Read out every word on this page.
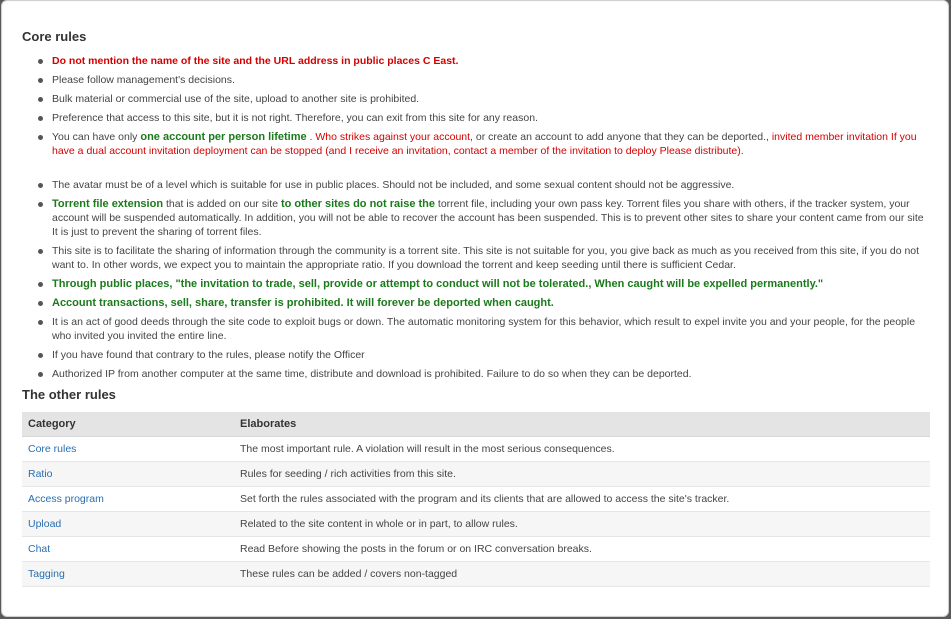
Core rules
Do not mention the name of the site and the URL address in public places C East.
Please follow management's decisions.
Bulk material or commercial use of the site, upload to another site is prohibited.
Preference that access to this site, but it is not right. Therefore, you can exit from this site for any reason.
You can have only one account per person lifetime . Who strikes against your account, or create an account to add anyone that they can be deported., invited member invitation If you have a dual account invitation deployment can be stopped (and I receive an invitation, contact a member of the invitation to deploy Please distribute).
The avatar must be of a level which is suitable for use in public places. Should not be included, and some sexual content should not be aggressive.
Torrent file extension that is added on our site to other sites do not raise the torrent file, including your own pass key. Torrent files you share with others, if the tracker system, your account will be suspended automatically. In addition, you will not be able to recover the account has been suspended. This is to prevent other sites to share your content came from our site It is just to prevent the sharing of torrent files.
This site is to facilitate the sharing of information through the community is a torrent site. This site is not suitable for you, you give back as much as you received from this site, if you do not want to. In other words, we expect you to maintain the appropriate ratio. If you download the torrent and keep seeding until there is sufficient Cedar.
Through public places, "the invitation to trade, sell, provide or attempt to conduct will not be tolerated., When caught will be expelled permanently."
Account transactions, sell, share, transfer is prohibited. It will forever be deported when caught.
It is an act of good deeds through the site code to exploit bugs or down. The automatic monitoring system for this behavior, which result to expel invite you and your people, for the people who invited you invited the entire line.
If you have found that contrary to the rules, please notify the Officer
Authorized IP from another computer at the same time, distribute and download is prohibited. Failure to do so when they can be deported.
The other rules
Category	Elaborates
Core rules	The most important rule. A violation will result in the most serious consequences.
Ratio	Rules for seeding / rich activities from this site.
Access program	Set forth the rules associated with the program and its clients that are allowed to access the site's tracker.
Upload	Related to the site content in whole or in part, to allow rules.
Chat	Read Before showing the posts in the forum or on IRC conversation breaks.
Tagging	These rules can be added / covers non-tagged
